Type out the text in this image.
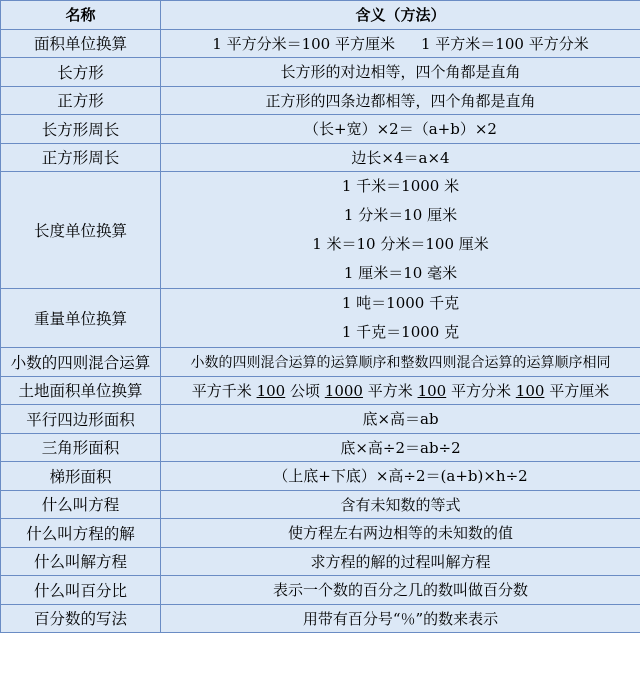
名称	含义（方法）
面积单位换算	1 平方分米＝100 平方厘米 1 平方米＝100 平方分米
长方形	长方形的对边相等，四个角都是直角
正方形	正方形的四条边都相等，四个角都是直角
长方形周长	（长+宽）×2＝（a+b）×2
正方形周长	边长×4＝a×4
长度单位换算	1 千米＝1000 米
1 分米＝10 厘米
1 米＝10 分米＝100 厘米
1 厘米＝10 毫米

重量单位换算	1 吨＝1000 千克
1 千克＝1000 克

小数的四则混合运算	小数的四则混合运算的运算顺序和整数四则混合运算的运算顺序相同
土地面积单位换算	平方千米 100 公顷 1000 平方米 100 平方分米 100 平方厘米
平行四边形面积	底×高＝ab
三角形面积	底×高÷2＝ab÷2
梯形面积	（上底+下底）×高÷2＝(a+b)×h÷2
什么叫方程	含有未知数的等式
什么叫方程的解	使方程左右两边相等的未知数的值
什么叫解方程	求方程的解的过程叫解方程
什么叫百分比	表示一个数的百分之几的数叫做百分数
百分数的写法	用带有百分号“％”的数来表示
